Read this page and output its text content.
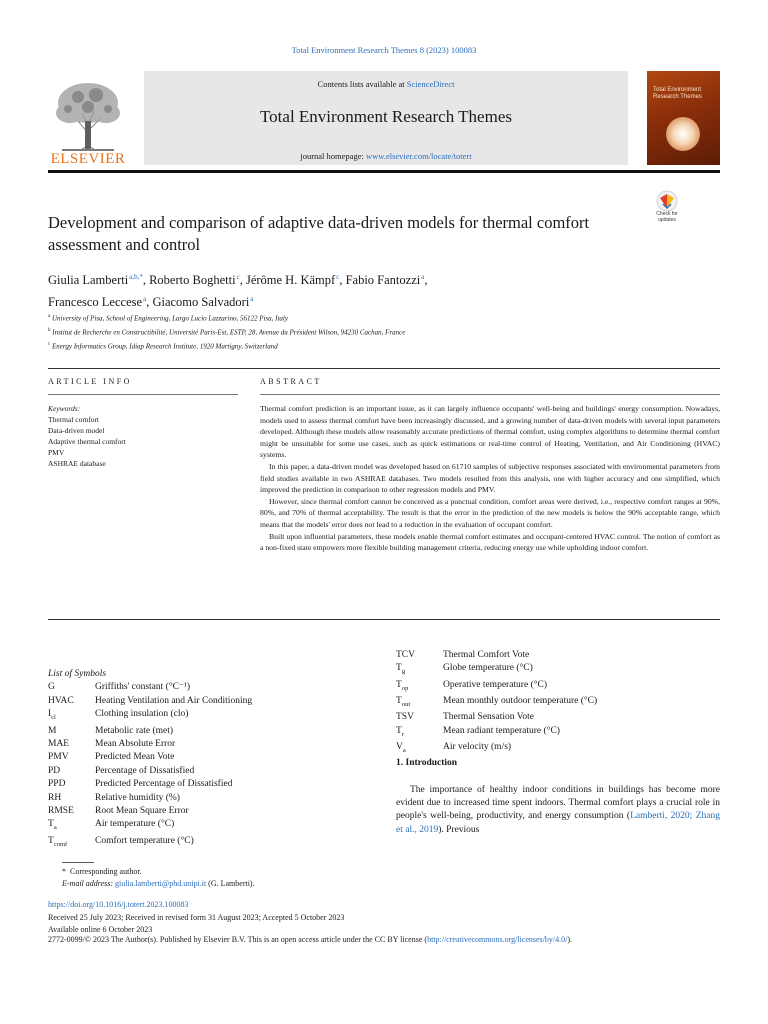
Total Environment Research Themes 8 (2023) 100083
ELSEVIER
Contents lists available at ScienceDirect
Total Environment Research Themes
journal homepage: www.elsevier.com/locate/totert
Total Environment Research Themes
Check for updates
Development and comparison of adaptive data-driven models for thermal comfort assessment and control
Giulia Lamberti $^{a,b,*}$, Roberto Boghetti $^c$, Jérôme H. Kämpf $^c$, Fabio Fantozzi $^a$,
Francesco Leccese $^a$, Giacomo Salvadori $^a$
$^a$ University of Pisa, School of Engineering, Largo Lucio Lazzarino, 56122 Pisa, Italy
$^b$ Institut de Recherche en Constructibilité, Université Paris-Est, ESTP, 28, Avenue du Président Wilson, 94230 Cachan, France
$^c$ Energy Informatics Group, Idiap Research Institute, 1920 Martigny, Switzerland
ARTICLE INFO	ABSTRACT
Keywords:
Thermal comfort
Data-driven model
Adaptive thermal comfort
PMV
ASHRAE database

Thermal comfort prediction is an important issue, as it can largely influence occupants' well-being and buildings' energy consumption. Nowadays, models used to assess thermal comfort have been increasingly discussed, and a growing number of data-driven models with several input parameters developed. Although these models allow reasonably accurate predictions of thermal comfort, using complex algorithms to determine thermal comfort might be unsuitable for some use cases, such as quick estimations or real-time control of Heating, Ventilation, and Air Conditioning (HVAC) systems.

In this paper, a data-driven model was developed based on 61710 samples of subjective responses associated with environmental parameters from field studies available in two ASHRAE databases. Two models resulted from this analysis, one with higher accuracy and one simplified, which improved the prediction in comparison to other regression models and PMV.

However, since thermal comfort cannot be conceived as a punctual condition, comfort areas were derived, i.e., respective comfort ranges at 90%, 80%, and 70% of thermal acceptability. The result is that the error in the prediction of the new models is below the 90% acceptable range, which means that the models' error does not lead to a reduction in the evaluation of occupant comfort.

Built upon influential parameters, these models enable thermal comfort estimates and occupant-centered HVAC control. The notion of comfort as a non-fixed state empowers more flexible building management criteria, reducing energy use while upholding indoor comfort.

List of Symbols
G	Griffiths' constant (°C⁻¹)
HVAC	Heating Ventilation and Air Conditioning
$I_{cl}$	Clothing insulation (clo)
M	Metabolic rate (met)
MAE	Mean Absolute Error
PMV	Predicted Mean Vote
PD	Percentage of Dissatisfied
PPD	Predicted Percentage of Dissatisfied
RH	Relative humidity (%)
RMSE	Root Mean Square Error
$T_a$	Air temperature (°C)
$T_{comf}$	Comfort temperature (°C)
TCV	Thermal Comfort Vote
$T_g$	Globe temperature (°C)
$T_{op}$	Operative temperature (°C)
$T_{out}$	Mean monthly outdoor temperature (°C)
TSV	Thermal Sensation Vote
$T_r$	Mean radiant temperature (°C)
$V_a$	Air velocity (m/s)
1. Introduction
The importance of healthy indoor conditions in buildings has become more evident due to increased time spent indoors. Thermal comfort plays a crucial role in people's well-being, productivity, and energy consumption (Lamberti, 2020; Zhang et al., 2019). Previous
*  Corresponding author.
E-mail address: giulia.lamberti@phd.unipi.it (G. Lamberti).
https://doi.org/10.1016/j.totert.2023.100083
Received 25 July 2023; Received in revised form 31 August 2023; Accepted 5 October 2023
Available online 6 October 2023
2772-0099/© 2023 The Author(s). Published by Elsevier B.V. This is an open access article under the CC BY license (http://creativecommons.org/licenses/by/4.0/).
